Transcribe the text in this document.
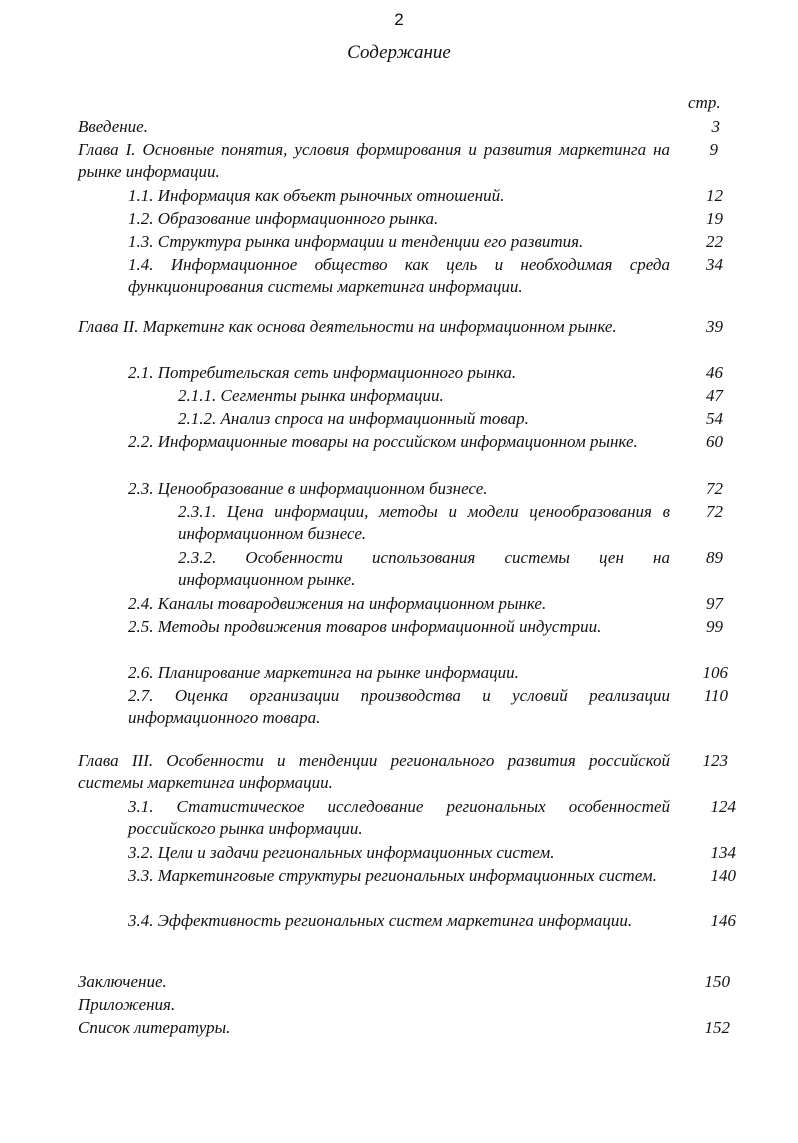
2
Содержание
стр.
Введение.	3
Глава I. Основные понятия, условия формирования и развития маркетинга на рынке информации.
9
1.1. Информация как объект рыночных отношений.	12
1.2. Образование информационного рынка.	19
1.3. Структура рынка информации и тенденции его развития.	22
1.4. Информационное общество как цель и необходимая среда функционирования системы маркетинга информации.
34
Глава II. Маркетинг как основа деятельности на информационном рынке.	39
2.1. Потребительская сеть информационного рынка.	46
2.1.1. Сегменты рынка информации.	47
2.1.2. Анализ спроса на информационный товар.	54
2.2. Информационные товары на российском информационном рынке.	60
2.3. Ценообразование в информационном бизнесе.	72
2.3.1. Цена информации, методы и модели ценообразования в информационном бизнесе.
72
2.3.2. Особенности использования системы цен на информационном рынке.
89
2.4. Каналы товародвижения на информационном рынке.	97
2.5. Методы продвижения товаров информационной индустрии.	99
2.6. Планирование маркетинга на рынке информации.	106
2.7. Оценка организации производства и условий реализации информационного товара.
110
Глава III. Особенности и тенденции регионального развития российской системы маркетинга информации.
123
3.1. Статистическое исследование региональных особенностей российского рынка информации.
124
3.2. Цели и задачи региональных информационных систем.	134
3.3. Маркетинговые структуры региональных информационных систем.	140
3.4. Эффективность региональных систем маркетинга информации.	146
Заключение.	150
Приложения.
Список литературы.	152
